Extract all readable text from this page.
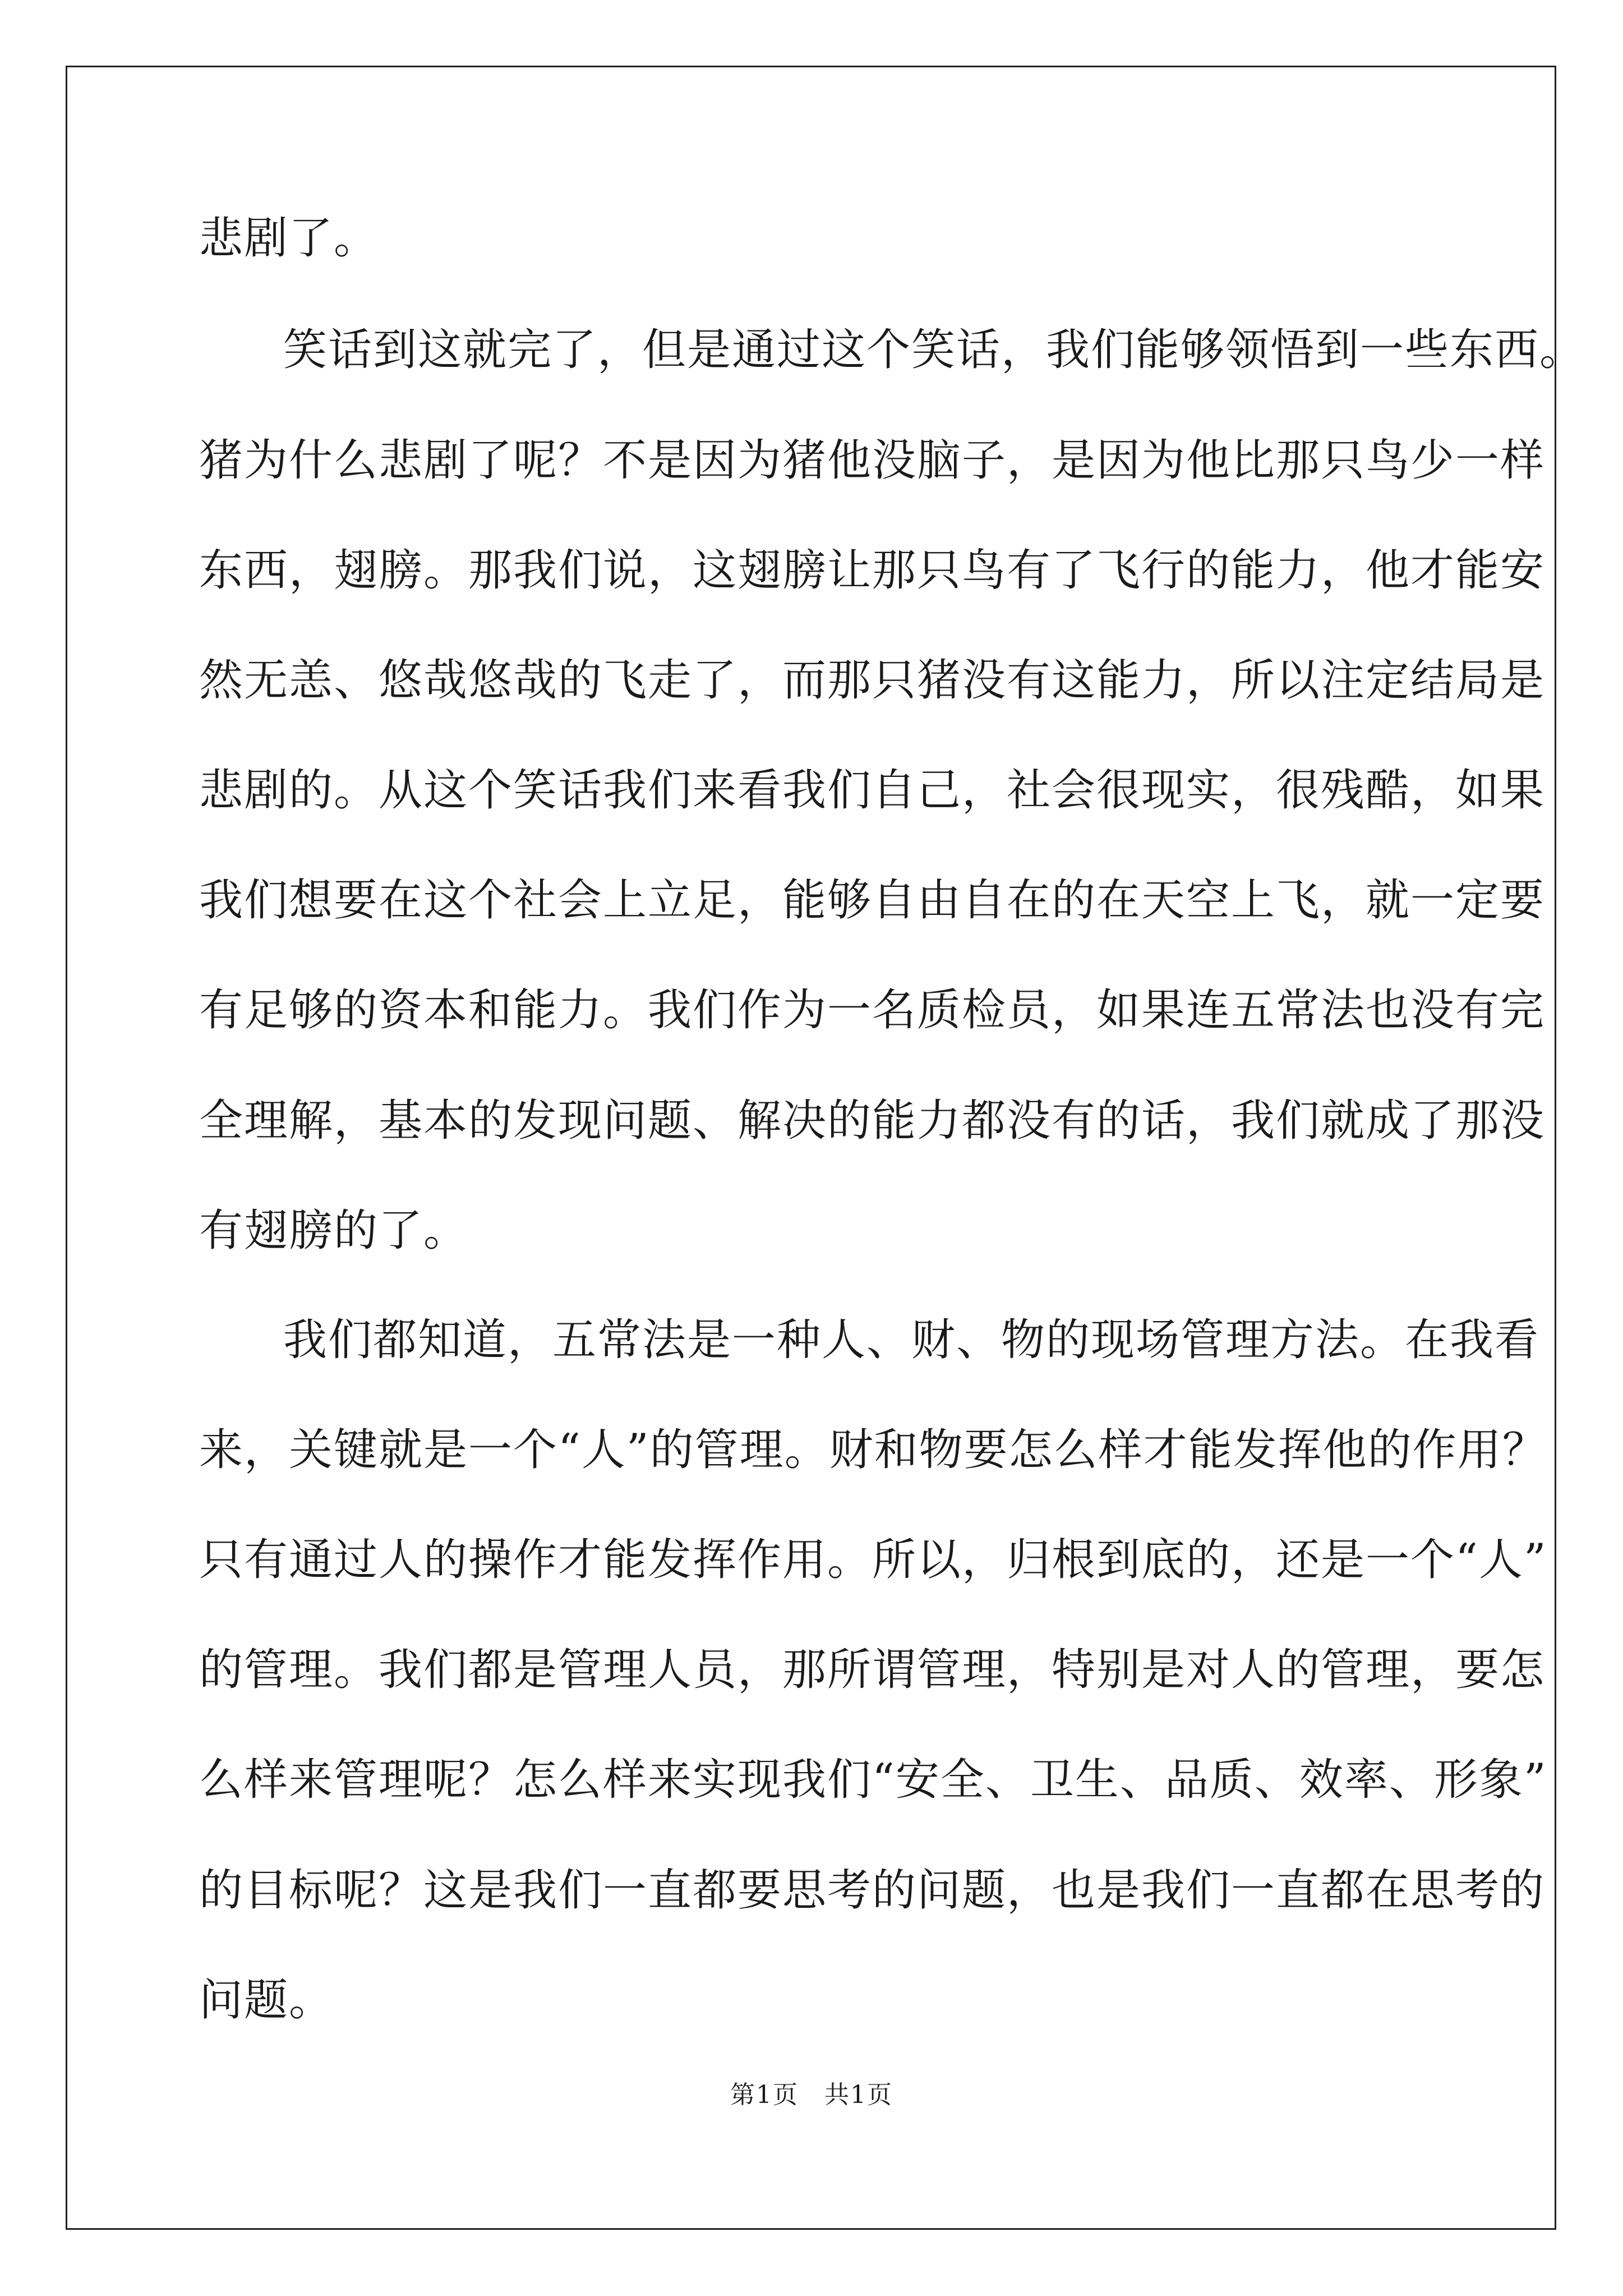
悲剧了。
笑话到这就完了，但是通过这个笑话，我们能够领悟到一些东西。
猪为什么悲剧了呢？不是因为猪他没脑子，是因为他比那只鸟少一样
东西，翅膀。那我们说，这翅膀让那只鸟有了飞行的能力，他才能安
然无恙、悠哉悠哉的飞走了，而那只猪没有这能力，所以注定结局是
悲剧的。从这个笑话我们来看我们自己，社会很现实，很残酷，如果
我们想要在这个社会上立足，能够自由自在的在天空上飞，就一定要
有足够的资本和能力。我们作为一名质检员，如果连五常法也没有完
全理解，基本的发现问题、解决的能力都没有的话，我们就成了那没
有翅膀的了。
我们都知道，五常法是一种人、财、物的现场管理方法。在我看
来，关键就是一个“人”的管理。财和物要怎么样才能发挥他的作用？
只有通过人的操作才能发挥作用。所以，归根到底的，还是一个“人”
的管理。我们都是管理人员，那所谓管理，特别是对人的管理，要怎
么样来管理呢？怎么样来实现我们“安全、卫生、品质、效率、形象”
的目标呢？这是我们一直都要思考的问题，也是我们一直都在思考的
问题。
第1页　共1页
